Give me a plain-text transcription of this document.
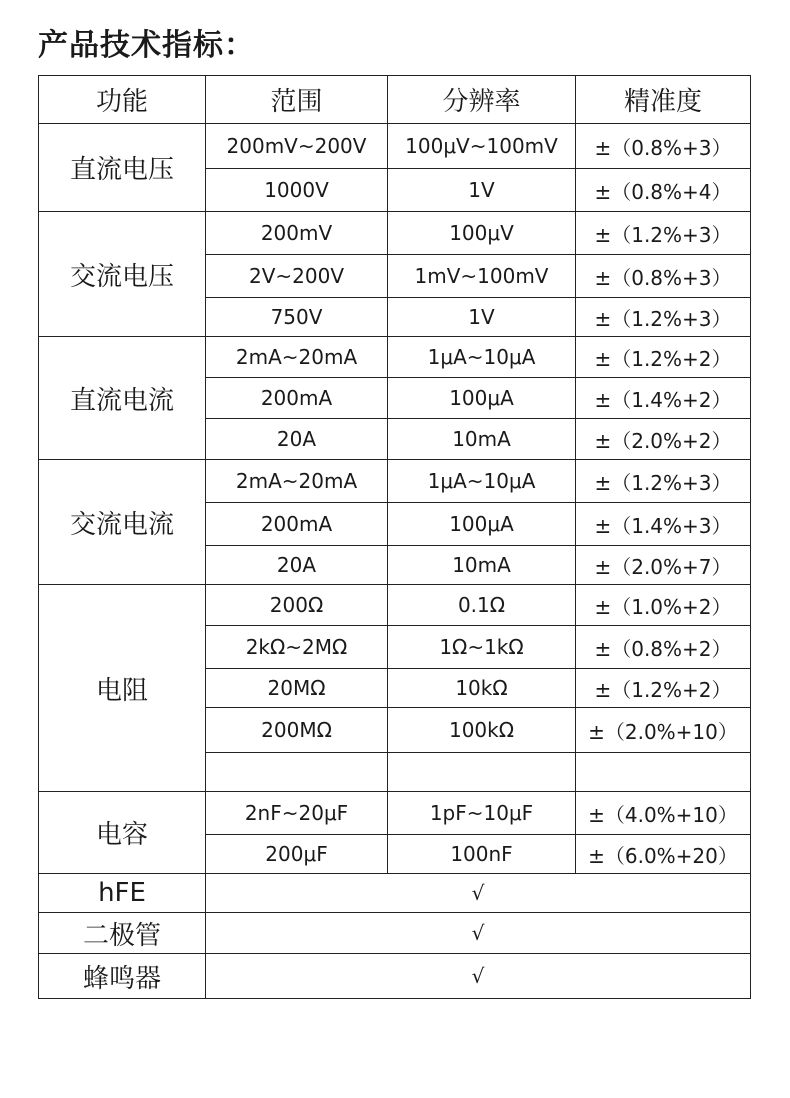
产品技术指标：
功能	范围	分辨率	精准度
直流电压	200mV~200V	100μV~100mV	±（0.8%+3）
	1000V	1V	±（0.8%+4）
交流电压	200mV	100μV	±（1.2%+3）
	2V~200V	1mV~100mV	±（0.8%+3）
	750V	1V	±（1.2%+3）
直流电流	2mA~20mA	1μA~10μA	±（1.2%+2）
	200mA	100μA	±（1.4%+2）
	20A	10mA	±（2.0%+2）
交流电流	2mA~20mA	1μA~10μA	±（1.2%+3）
	200mA	100μA	±（1.4%+3）
	20A	10mA	±（2.0%+7）
电阻	200Ω	0.1Ω	±（1.0%+2）
	2kΩ~2MΩ	1Ω~1kΩ	±（0.8%+2）
	20MΩ	10kΩ	±（1.2%+2）
	200MΩ	100kΩ	±（2.0%+10）

电容	2nF~20μF	1pF~10μF	±（4.0%+10）
	200μF	100nF	±（6.0%+20）
hFE	√		
二极管	√		
蜂鸣器	√		
